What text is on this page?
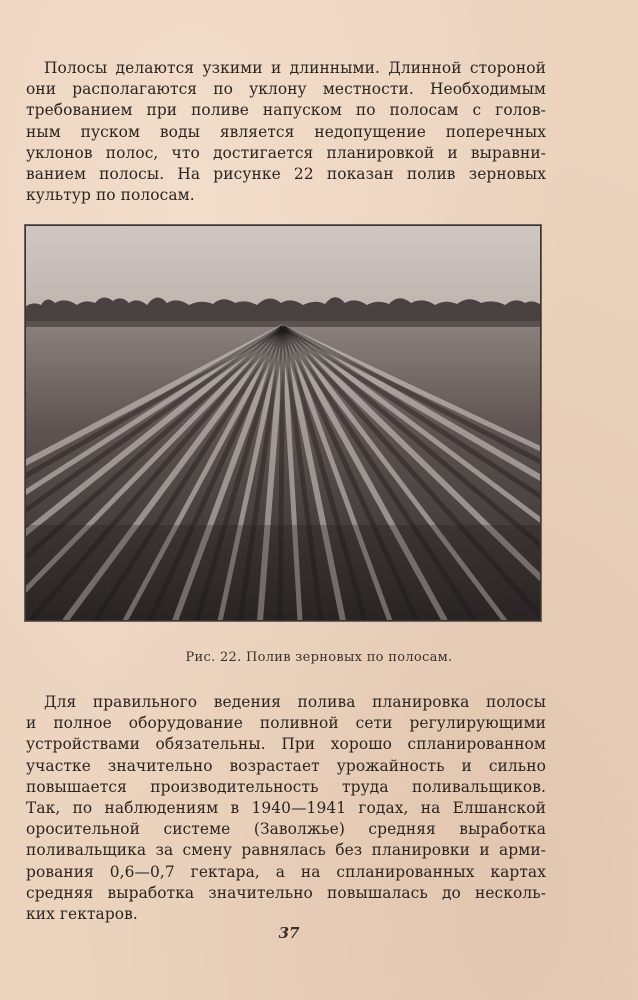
Полосы делаются узкими и длинными. Длинной стороной
они располагаются по уклону местности. Необходимым
требованием при поливе напуском по полосам с голов-
ным пуском воды является недопущение поперечных
уклонов полос, что достигается планировкой и выравни-
ванием полосы. На рисунке 22 показан полив зерновых
культур по полосам.
Рис. 22. Полив зерновых по полосам.
Для правильного ведения полива планировка полосы
и полное оборудование поливной сети регулирующими
устройствами обязательны. При хорошо спланированном
участке значительно возрастает урожайность и сильно
повышается производительность труда поливальщиков.
Так, по наблюдениям в 1940—1941 годах, на Елшанской
оросительной системе (Заволжье) средняя выработка
поливальщика за смену равнялась без планировки и арми-
рования 0,6—0,7 гектара, а на спланированных картах
средняя выработка значительно повышалась до несколь-
ких гектаров.
37
